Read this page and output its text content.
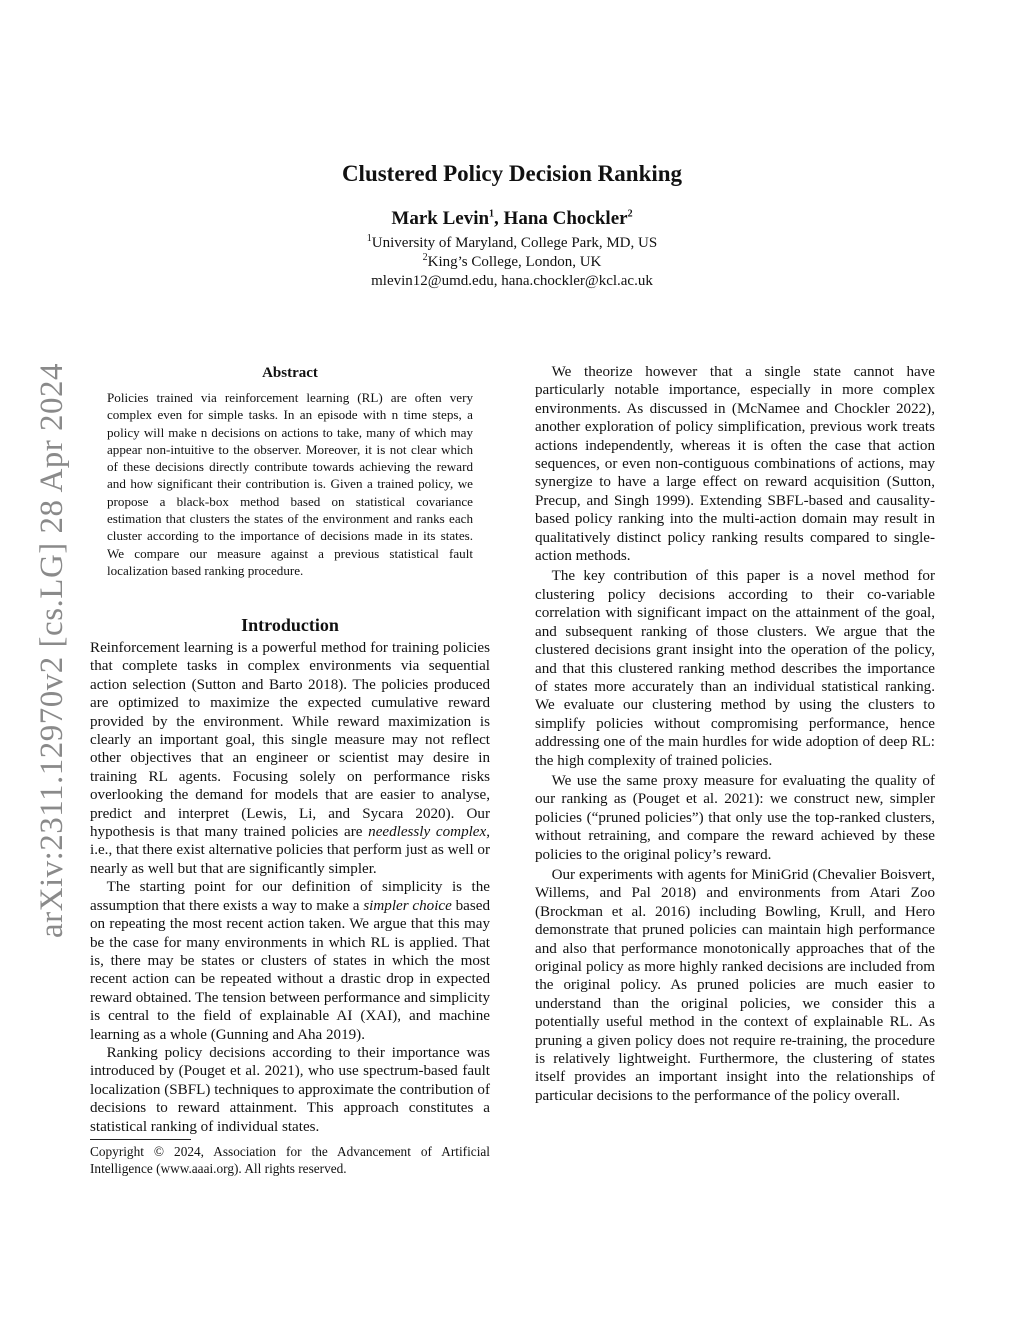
arXiv:2311.12970v2 [cs.LG] 28 Apr 2024
Clustered Policy Decision Ranking
Mark Levin$^1$, Hana Chockler$^2$
$^1$University of Maryland, College Park, MD, US
$^2$King’s College, London, UK
mlevin12@umd.edu, hana.chockler@kcl.ac.uk
Abstract

Policies trained via reinforcement learning (RL) are often very complex even for simple tasks. In an episode with n time steps, a policy will make n decisions on actions to take, many of which may appear non-intuitive to the observer. Moreover, it is not clear which of these decisions directly contribute towards achieving the reward and how significant their contribution is. Given a trained policy, we propose a black-box method based on statistical covariance estimation that clusters the states of the environment and ranks each cluster according to the importance of decisions made in its states. We compare our measure against a previous statistical fault localization based ranking procedure.

Introduction

Reinforcement learning is a powerful method for training policies that complete tasks in complex environments via sequential action selection (Sutton and Barto 2018). The policies produced are optimized to maximize the expected cumulative reward provided by the environment. While reward maximization is clearly an important goal, this single measure may not reflect other objectives that an engineer or scientist may desire in training RL agents. Focusing solely on performance risks overlooking the demand for models that are easier to analyse, predict and interpret (Lewis, Li, and Sycara 2020). Our hypothesis is that many trained policies are needlessly complex, i.e., that there exist alternative policies that perform just as well or nearly as well but that are significantly simpler.

The starting point for our definition of simplicity is the assumption that there exists a way to make a simpler choice based on repeating the most recent action taken. We argue that this may be the case for many environments in which RL is applied. That is, there may be states or clusters of states in which the most recent action can be repeated without a drastic drop in expected reward obtained. The tension between performance and simplicity is central to the field of explainable AI (XAI), and machine learning as a whole (Gunning and Aha 2019).

Ranking policy decisions according to their importance was introduced by (Pouget et al. 2021), who use spectrum-based fault localization (SBFL) techniques to approximate the contribution of decisions to reward attainment. This approach constitutes a statistical ranking of individual states.

We theorize however that a single state cannot have particularly notable importance, especially in more complex environments. As discussed in (McNamee and Chockler 2022), another exploration of policy simplification, previous work treats actions independently, whereas it is often the case that action sequences, or even non-contiguous combinations of actions, may synergize to have a large effect on reward acquisition (Sutton, Precup, and Singh 1999). Extending SBFL-based and causality-based policy ranking into the multi-action domain may result in qualitatively distinct policy ranking results compared to single-action methods.

The key contribution of this paper is a novel method for clustering policy decisions according to their co-variable correlation with significant impact on the attainment of the goal, and subsequent ranking of those clusters. We argue that the clustered decisions grant insight into the operation of the policy, and that this clustered ranking method describes the importance of states more accurately than an individual statistical ranking. We evaluate our clustering method by using the clusters to simplify policies without compromising performance, hence addressing one of the main hurdles for wide adoption of deep RL: the high complexity of trained policies.

We use the same proxy measure for evaluating the quality of our ranking as (Pouget et al. 2021): we construct new, simpler policies (“pruned policies”) that only use the top-ranked clusters, without retraining, and compare the reward achieved by these policies to the original policy’s reward.

Our experiments with agents for MiniGrid (Chevalier Boisvert, Willems, and Pal 2018) and environments from Atari Zoo (Brockman et al. 2016) including Bowling, Krull, and Hero demonstrate that pruned policies can maintain high performance and also that performance monotonically approaches that of the original policy as more highly ranked decisions are included from the original policy. As pruned policies are much easier to understand than the original policies, we consider this a potentially useful method in the context of explainable RL. As pruning a given policy does not require re-training, the procedure is relatively lightweight. Furthermore, the clustering of states itself provides an important insight into the relationships of particular decisions to the performance of the policy overall.

Copyright © 2024, Association for the Advancement of Artificial Intelligence (www.aaai.org). All rights reserved.
